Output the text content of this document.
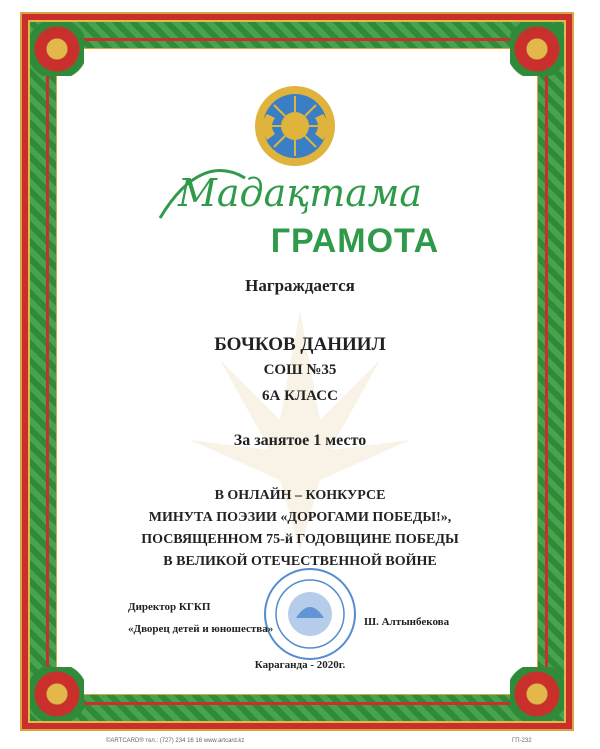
Мадақтама
ГРАМОТА
Награждается
БОЧКОВ ДАНИИЛ
СОШ №35
6А КЛАСС
За занятое 1 место
В ОНЛАЙН – КОНКУРСЕ
МИНУТА ПОЭЗИИ «ДОРОГАМИ ПОБЕДЫ!»,
ПОСВЯЩЕННОМ 75-й ГОДОВЩИНЕ ПОБЕДЫ
В ВЕЛИКОЙ ОТЕЧЕСТВЕННОЙ ВОЙНЕ
Директор КГКП
«Дворец детей и юношества»
Ш. Алтынбекова
Караганда - 2020г.
©ARTCARD® тел.: (727) 234 16 16 www.artcard.kz	ГП-232
